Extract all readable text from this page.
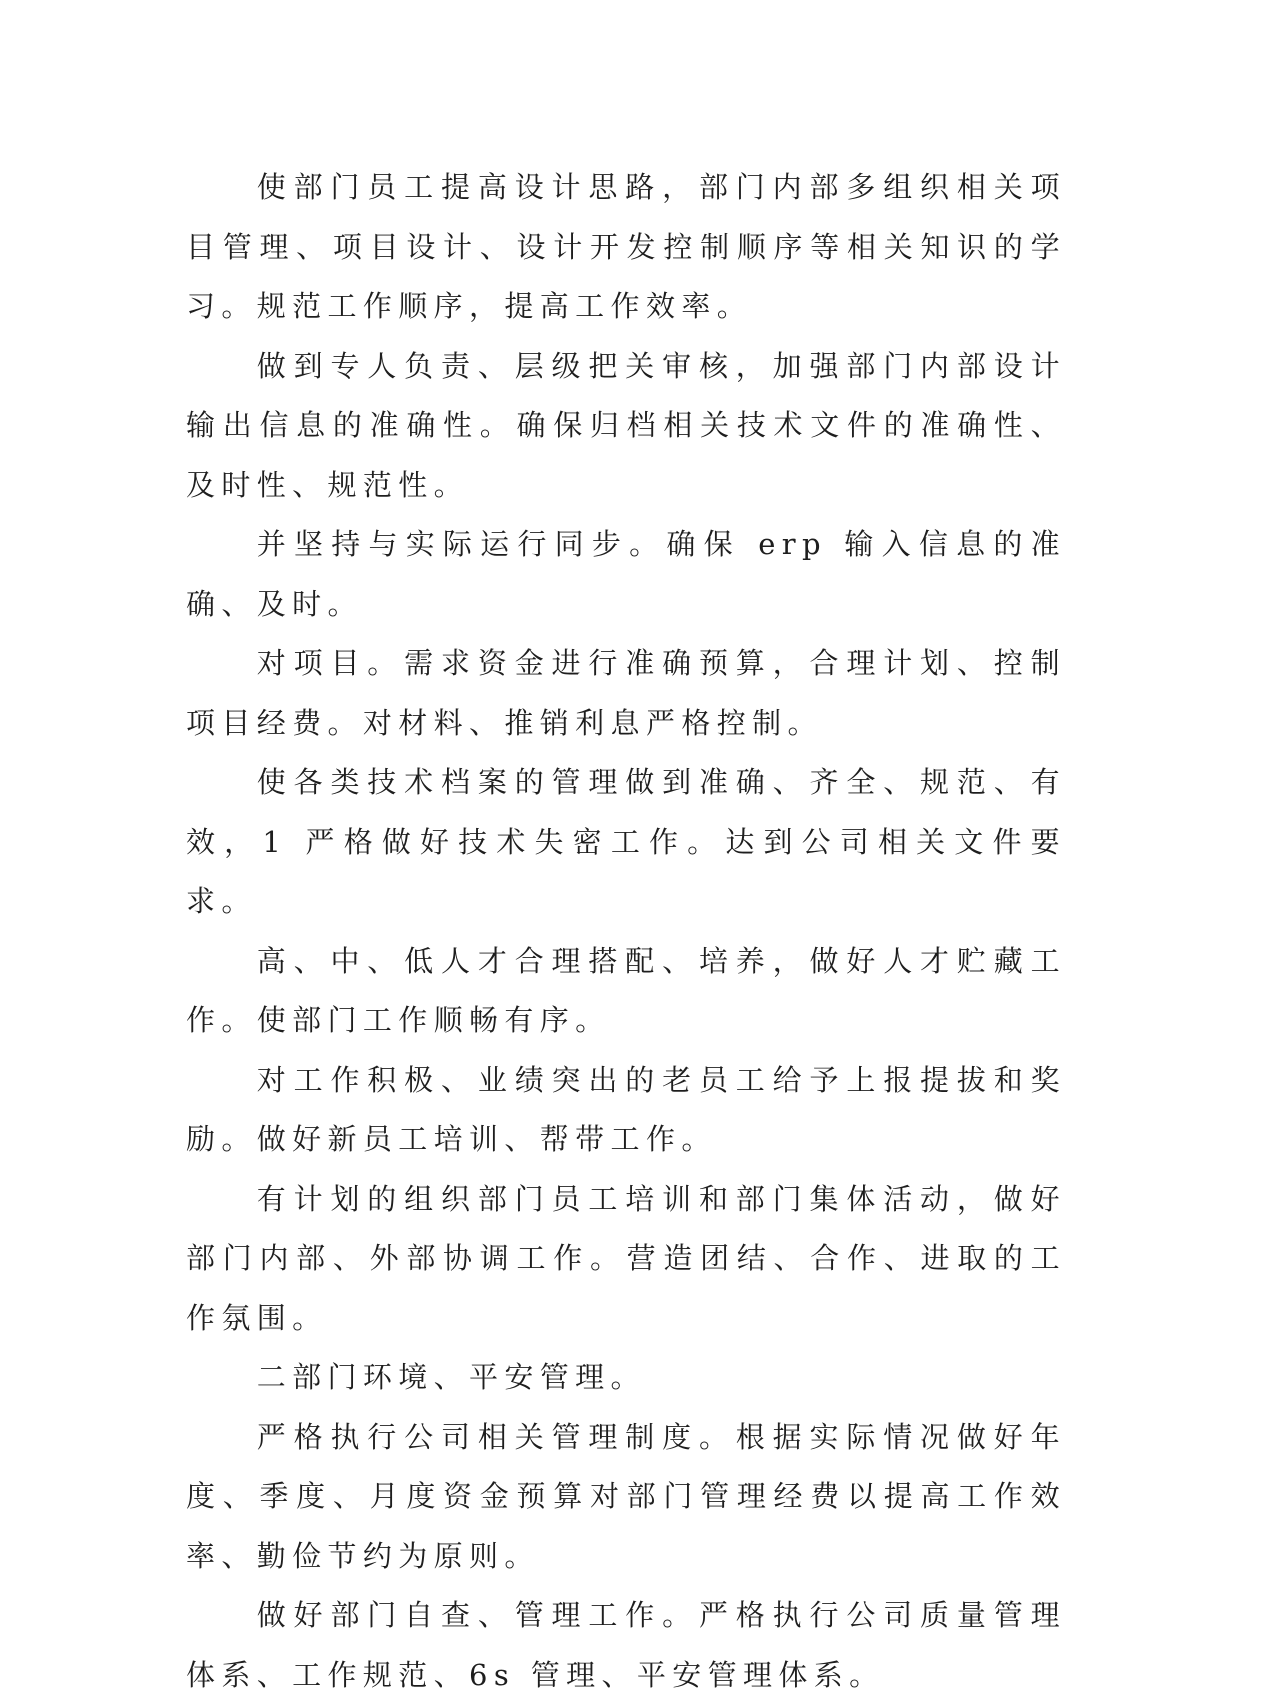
使部门员工提高设计思路，部门内部多组织相关项目管理、项目设计、设计开发控制顺序等相关知识的学习。规范工作顺序，提高工作效率。

做到专人负责、层级把关审核，加强部门内部设计输出信息的准确性。确保归档相关技术文件的准确性、及时性、规范性。

并坚持与实际运行同步。确保 erp 输入信息的准确、及时。

对项目。需求资金进行准确预算，合理计划、控制项目经费。对材料、推销利息严格控制。

使各类技术档案的管理做到准确、齐全、规范、有效，1 严格做好技术失密工作。达到公司相关文件要求。

高、中、低人才合理搭配、培养，做好人才贮藏工作。使部门工作顺畅有序。

对工作积极、业绩突出的老员工给予上报提拔和奖励。做好新员工培训、帮带工作。

有计划的组织部门员工培训和部门集体活动，做好部门内部、外部协调工作。营造团结、合作、进取的工作氛围。

二部门环境、平安管理。

严格执行公司相关管理制度。根据实际情况做好年度、季度、月度资金预算对部门管理经费以提高工作效率、勤俭节约为原则。

做好部门自查、管理工作。严格执行公司质量管理体系、工作规范、6s 管理、平安管理体系。
